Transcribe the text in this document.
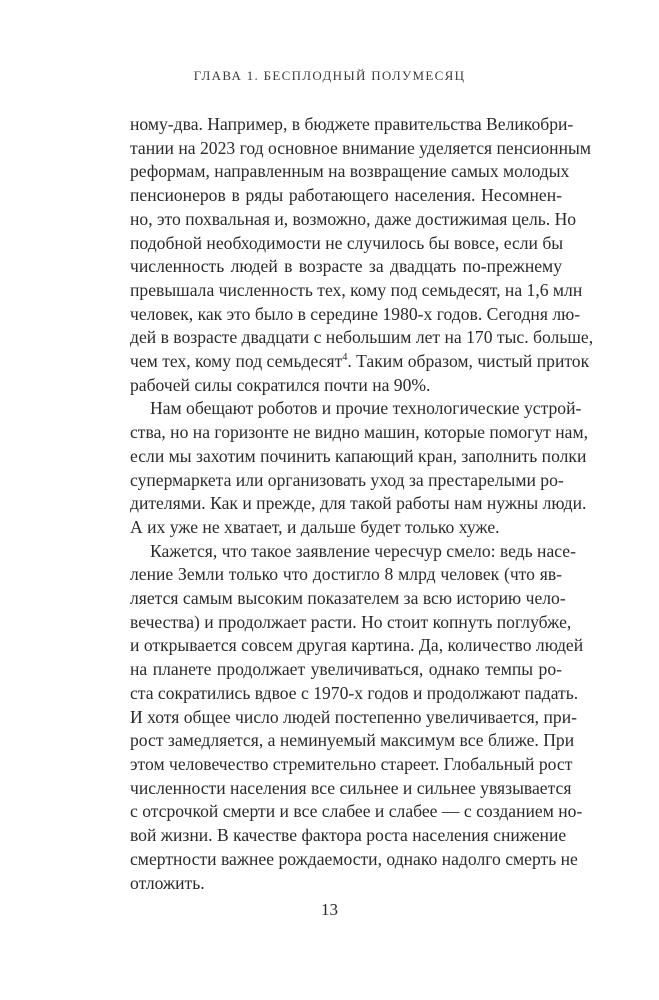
ГЛАВА 1. БЕСПЛОДНЫЙ ПОЛУМЕСЯЦ
ному-два. Например, в бюджете правительства Великобри-
тании на 2023 год основное внимание уделяется пенсионным
реформам, направленным на возвращение самых молодых
пенсионеров в ряды работающего населения. Несомнен-
но, это похвальная и, возможно, даже достижимая цель. Но
подобной необходимости не случилось бы вовсе, если бы
численность людей в возрасте за двадцать по-прежнему
превышала численность тех, кому под семьдесят, на 1,6 млн
человек, как это было в середине 1980-х годов. Сегодня лю-
дей в возрасте двадцати с небольшим лет на 170 тыс. больше,
чем тех, кому под семьдесят$^4$. Таким образом, чистый приток
рабочей силы сократился почти на 90%.
Нам обещают роботов и прочие технологические устрой-
ства, но на горизонте не видно машин, которые помогут нам,
если мы захотим починить капающий кран, заполнить полки
супермаркета или организовать уход за престарелыми ро-
дителями. Как и прежде, для такой работы нам нужны люди.
А их уже не хватает, и дальше будет только хуже.
Кажется, что такое заявление чересчур смело: ведь насе-
ление Земли только что достигло 8 млрд человек (что яв-
ляется самым высоким показателем за всю историю чело-
вечества) и продолжает расти. Но стоит копнуть поглубже,
и открывается совсем другая картина. Да, количество людей
на планете продолжает увеличиваться, однако темпы ро-
ста сократились вдвое с 1970-х годов и продолжают падать.
И хотя общее число людей постепенно увеличивается, при-
рост замедляется, а неминуемый максимум все ближе. При
этом человечество стремительно стареет. Глобальный рост
численности населения все сильнее и сильнее увязывается
с отсрочкой смерти и все слабее и слабее — с созданием но-
вой жизни. В качестве фактора роста населения снижение
смертности важнее рождаемости, однако надолго смерть не
отложить.
13
